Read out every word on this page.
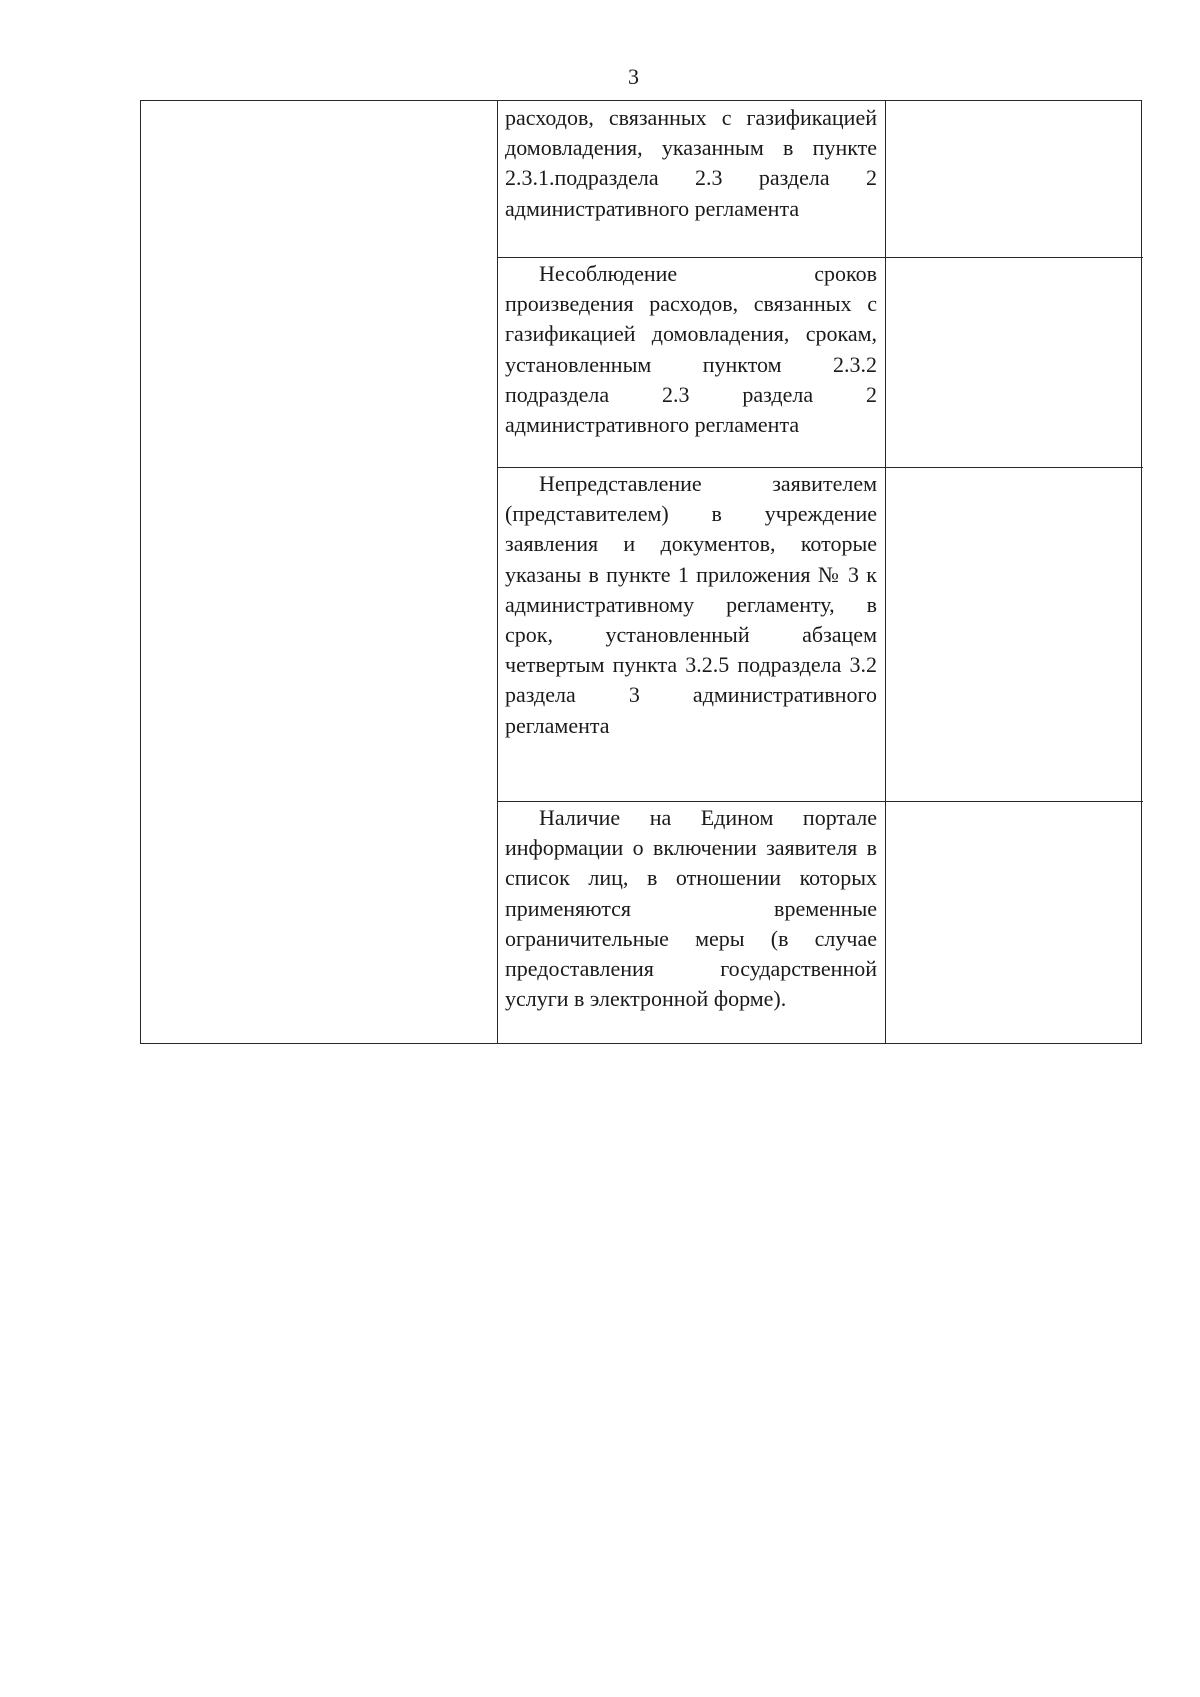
3

расходов, связанных с газификацией домовладения, указанным в пункте 2.3.1.подраздела 2.3 раздела 2 административного регламента

Несоблюдение сроков произведения расходов, связанных с газификацией домовладения, срокам, установленным пунктом 2.3.2 подраздела 2.3 раздела 2 административного регламента

Непредставление заявителем (представителем) в учреждение заявления и документов, которые указаны в пункте 1 приложения № 3 к административному регламенту, в срок, установленный абзацем четвертым пункта 3.2.5 подраздела 3.2 раздела 3 административного регламента

Наличие на Едином портале информации о включении заявителя в список лиц, в отношении которых применяются временные ограничительные меры (в случае предоставления государственной услуги в электронной форме).
